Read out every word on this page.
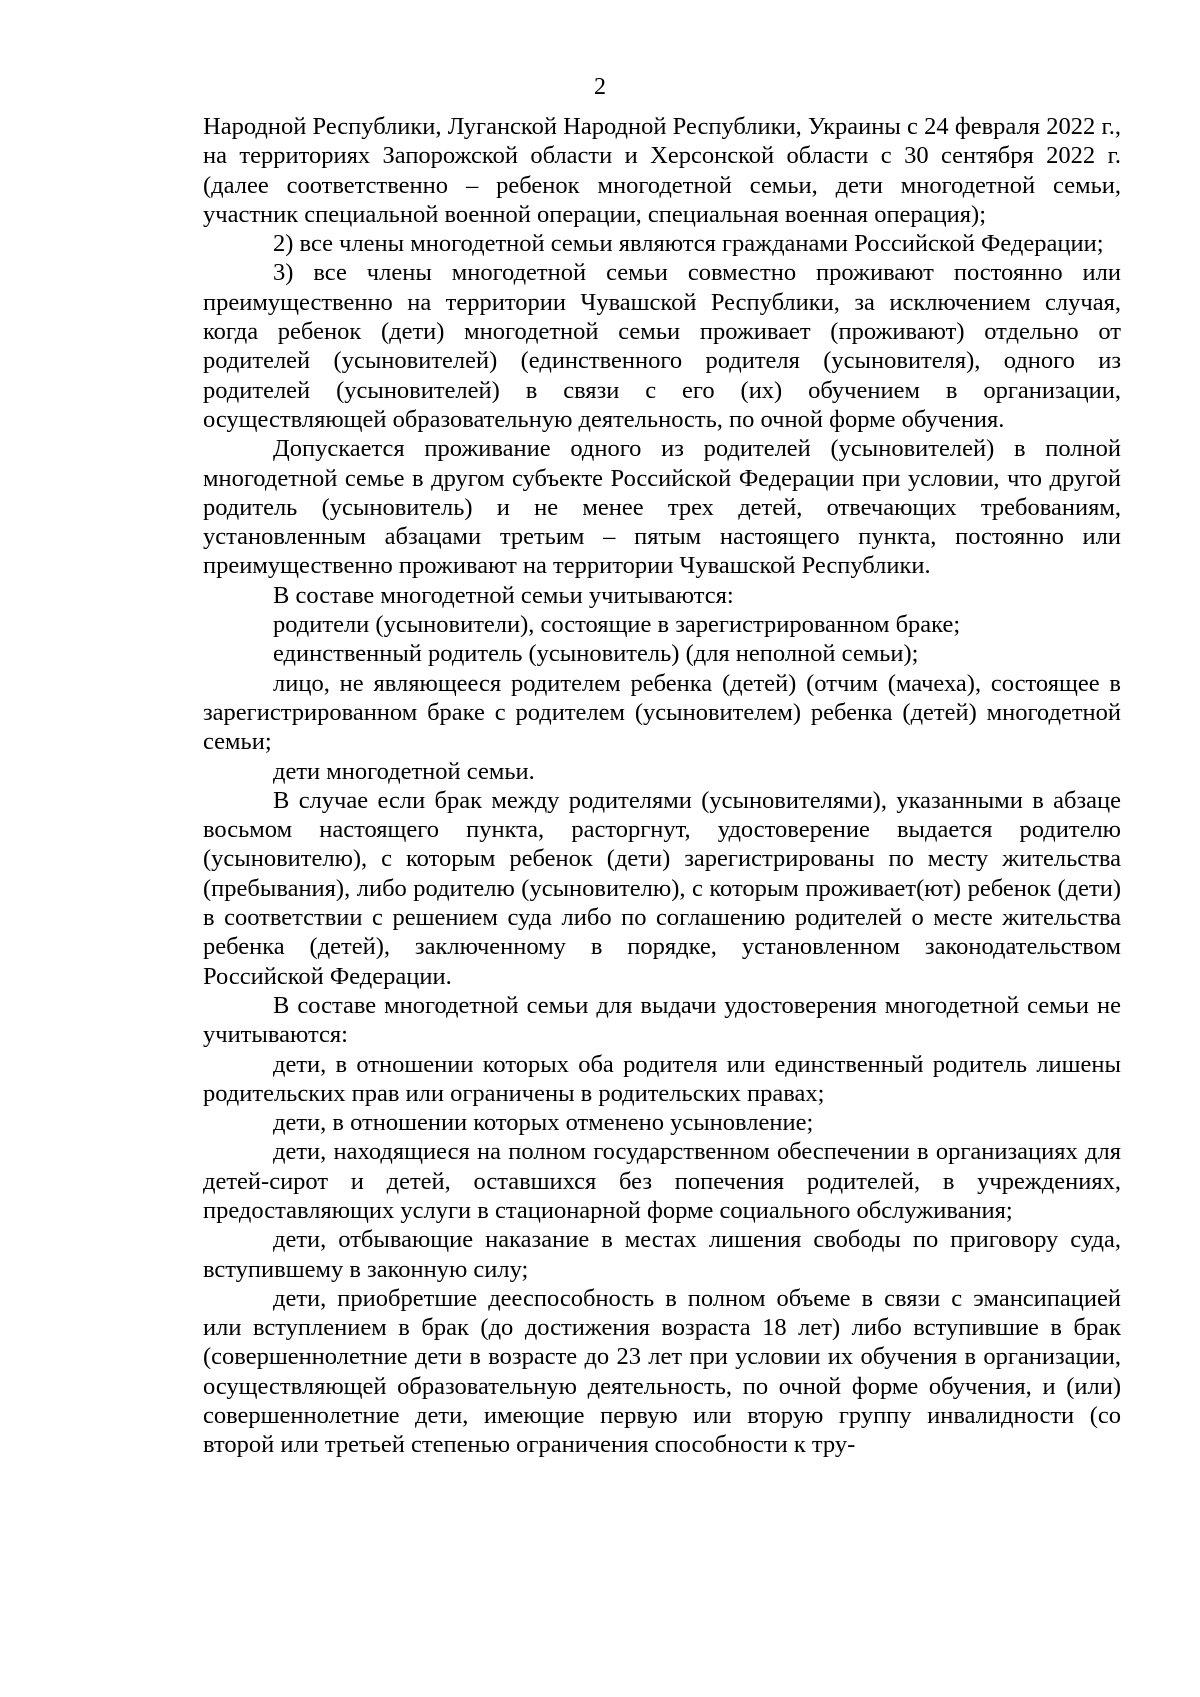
2

Народной Республики, Луганской Народной Республики, Украины с 24 февраля 2022 г., на территориях Запорожской области и Херсонской области с 30 сентября 2022 г. (далее соответственно – ребенок многодетной семьи, дети многодетной семьи, участник специальной военной операции, специальная военная операция);

2) все члены многодетной семьи являются гражданами Российской Федерации;

3) все члены многодетной семьи совместно проживают постоянно или преимущественно на территории Чувашской Республики, за исключением случая, когда ребенок (дети) многодетной семьи проживает (проживают) отдельно от родителей (усыновителей) (единственного родителя (усыновителя), одного из родителей (усыновителей) в связи с его (их) обучением в организации, осуществляющей образовательную деятельность, по очной форме обучения.

Допускается проживание одного из родителей (усыновителей) в полной многодетной семье в другом субъекте Российской Федерации при условии, что другой родитель (усыновитель) и не менее трех детей, отвечающих требованиям, установленным абзацами третьим – пятым настоящего пункта, постоянно или преимущественно проживают на территории Чувашской Республики.

В составе многодетной семьи учитываются:

родители (усыновители), состоящие в зарегистрированном браке;

единственный родитель (усыновитель) (для неполной семьи);

лицо, не являющееся родителем ребенка (детей) (отчим (мачеха), состоящее в зарегистрированном браке с родителем (усыновителем) ребенка (детей) многодетной семьи;

дети многодетной семьи.

В случае если брак между родителями (усыновителями), указанными в абзаце восьмом настоящего пункта, расторгнут, удостоверение выдается родителю (усыновителю), с которым ребенок (дети) зарегистрированы по месту жительства (пребывания), либо родителю (усыновителю), с которым проживает(ют) ребенок (дети) в соответствии с решением суда либо по соглашению родителей о месте жительства ребенка (детей), заключенному в порядке, установленном законодательством Российской Федерации.

В составе многодетной семьи для выдачи удостоверения многодетной семьи не учитываются:

дети, в отношении которых оба родителя или единственный родитель лишены родительских прав или ограничены в родительских правах;

дети, в отношении которых отменено усыновление;

дети, находящиеся на полном государственном обеспечении в организациях для детей-сирот и детей, оставшихся без попечения родителей, в учреждениях, предоставляющих услуги в стационарной форме социального обслуживания;

дети, отбывающие наказание в местах лишения свободы по приговору суда, вступившему в законную силу;

дети, приобретшие дееспособность в полном объеме в связи с эмансипацией или вступлением в брак (до достижения возраста 18 лет) либо вступившие в брак (совершеннолетние дети в возрасте до 23 лет при условии их обучения в организации, осуществляющей образовательную деятельность, по очной форме обучения, и (или) совершеннолетние дети, имеющие первую или вторую группу инвалидности (со второй или третьей степенью ограничения способности к тру-
